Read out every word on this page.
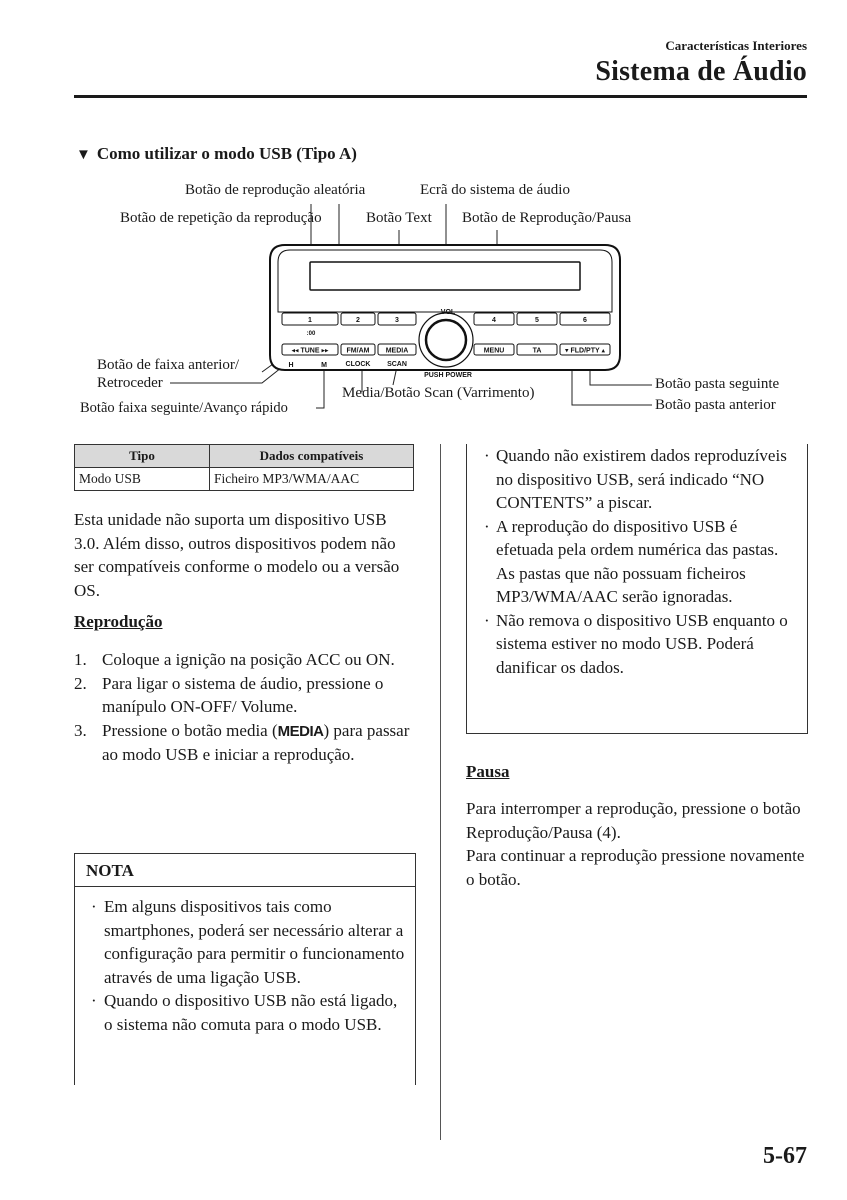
Características Interiores
Sistema de Áudio
▼ Como utilizar o modo USB (Tipo A)
Botão de reprodução aleatória	Ecrã do sistema de áudio
Botão de repetição da reprodução	Botão Text Botão de Reprodução/Pausa
Botão de faixa anterior/
Retroceder
Botão faixa seguinte/Avanço rápido
Media/Botão Scan (Varrimento)
Botão pasta seguinte
Botão pasta anterior
1	2	3	4	5	6
:00
VOL
◂◂ TUNE ▸▸	FM/AM MEDIA
CLOCK SCAN
PUSH POWER
MENU	TA	▾ FLD/PTY ▴
H	M
Tipo	Dados compatíveis
Modo USB	Ficheiro MP3/WMA/AAC
Esta unidade não suporta um dispositivo USB 3.0. Além disso, outros dispositivos podem não ser compatíveis conforme o modelo ou a versão OS.
Reprodução
1. Coloque a ignição na posição ACC ou ON.
2. Para ligar o sistema de áudio, pressione o manípulo ON-OFF/ Volume.
3. Pressione o botão media (MEDIA) para passar ao modo USB e iniciar a reprodução.
NOTA
· Em alguns dispositivos tais como smartphones, poderá ser necessário alterar a configuração para permitir o funcionamento através de uma ligação USB.
· Quando o dispositivo USB não está ligado, o sistema não comuta para o modo USB.
· Quando não existirem dados reproduzíveis no dispositivo USB, será indicado “NO CONTENTS” a piscar.
· A reprodução do dispositivo USB é efetuada pela ordem numérica das pastas. As pastas que não possuam ficheiros MP3/WMA/AAC serão ignoradas.
· Não remova o dispositivo USB enquanto o sistema estiver no modo USB. Poderá danificar os dados.
Pausa
Para interromper a reprodução, pressione o botão Reprodução/Pausa (4).
Para continuar a reprodução pressione novamente o botão.
5-67
